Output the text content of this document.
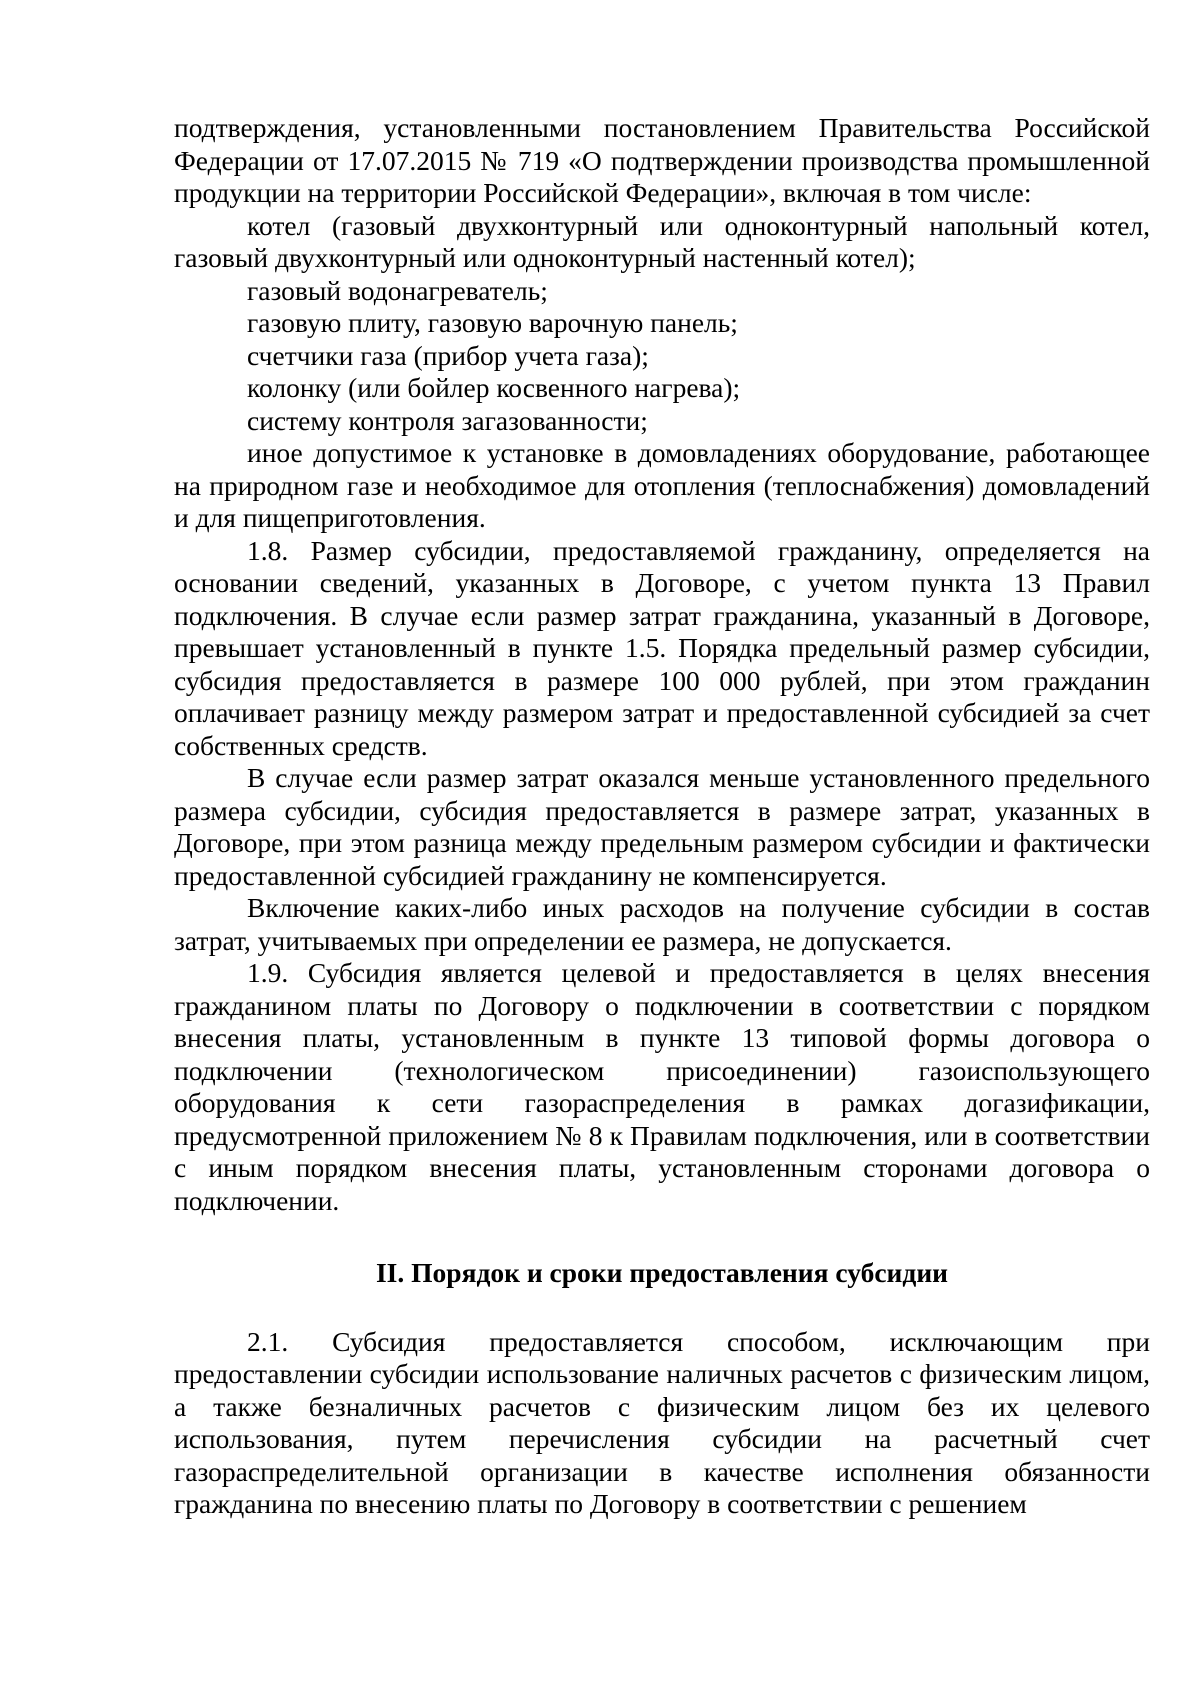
подтверждения, установленными постановлением Правительства Российской Федерации от 17.07.2015 № 719 «О подтверждении производства промышленной продукции на территории Российской Федерации», включая в том числе:

котел (газовый двухконтурный или одноконтурный напольный котел, газовый двухконтурный или одноконтурный настенный котел);

газовый водонагреватель;

газовую плиту, газовую варочную панель;

счетчики газа (прибор учета газа);

колонку (или бойлер косвенного нагрева);

систему контроля загазованности;

иное допустимое к установке в домовладениях оборудование, работающее на природном газе и необходимое для отопления (теплоснабжения) домовладений и для пищеприготовления.

1.8. Размер субсидии, предоставляемой гражданину, определяется на основании сведений, указанных в Договоре, с учетом пункта 13 Правил подключения. В случае если размер затрат гражданина, указанный в Договоре, превышает установленный в пункте 1.5. Порядка предельный размер субсидии, субсидия предоставляется в размере 100 000 рублей, при этом гражданин оплачивает разницу между размером затрат и предоставленной субсидией за счет собственных средств.

В случае если размер затрат оказался меньше установленного предельного размера субсидии, субсидия предоставляется в размере затрат, указанных в Договоре, при этом разница между предельным размером субсидии и фактически предоставленной субсидией гражданину не компенсируется.

Включение каких-либо иных расходов на получение субсидии в состав затрат, учитываемых при определении ее размера, не допускается.

1.9. Субсидия является целевой и предоставляется в целях внесения гражданином платы по Договору о подключении в соответствии с порядком внесения платы, установленным в пункте 13 типовой формы договора о подключении (технологическом присоединении) газоиспользующего оборудования к сети газораспределения в рамках догазификации, предусмотренной приложением № 8 к Правилам подключения, или в соответствии с иным порядком внесения платы, установленным сторонами договора о подключении.

II. Порядок и сроки предоставления субсидии

2.1. Субсидия предоставляется способом, исключающим при предоставлении субсидии использование наличных расчетов с физическим лицом, а также безналичных расчетов с физическим лицом без их целевого использования, путем перечисления субсидии на расчетный счет газораспределительной организации в качестве исполнения обязанности гражданина по внесению платы по Договору в соответствии с решением
